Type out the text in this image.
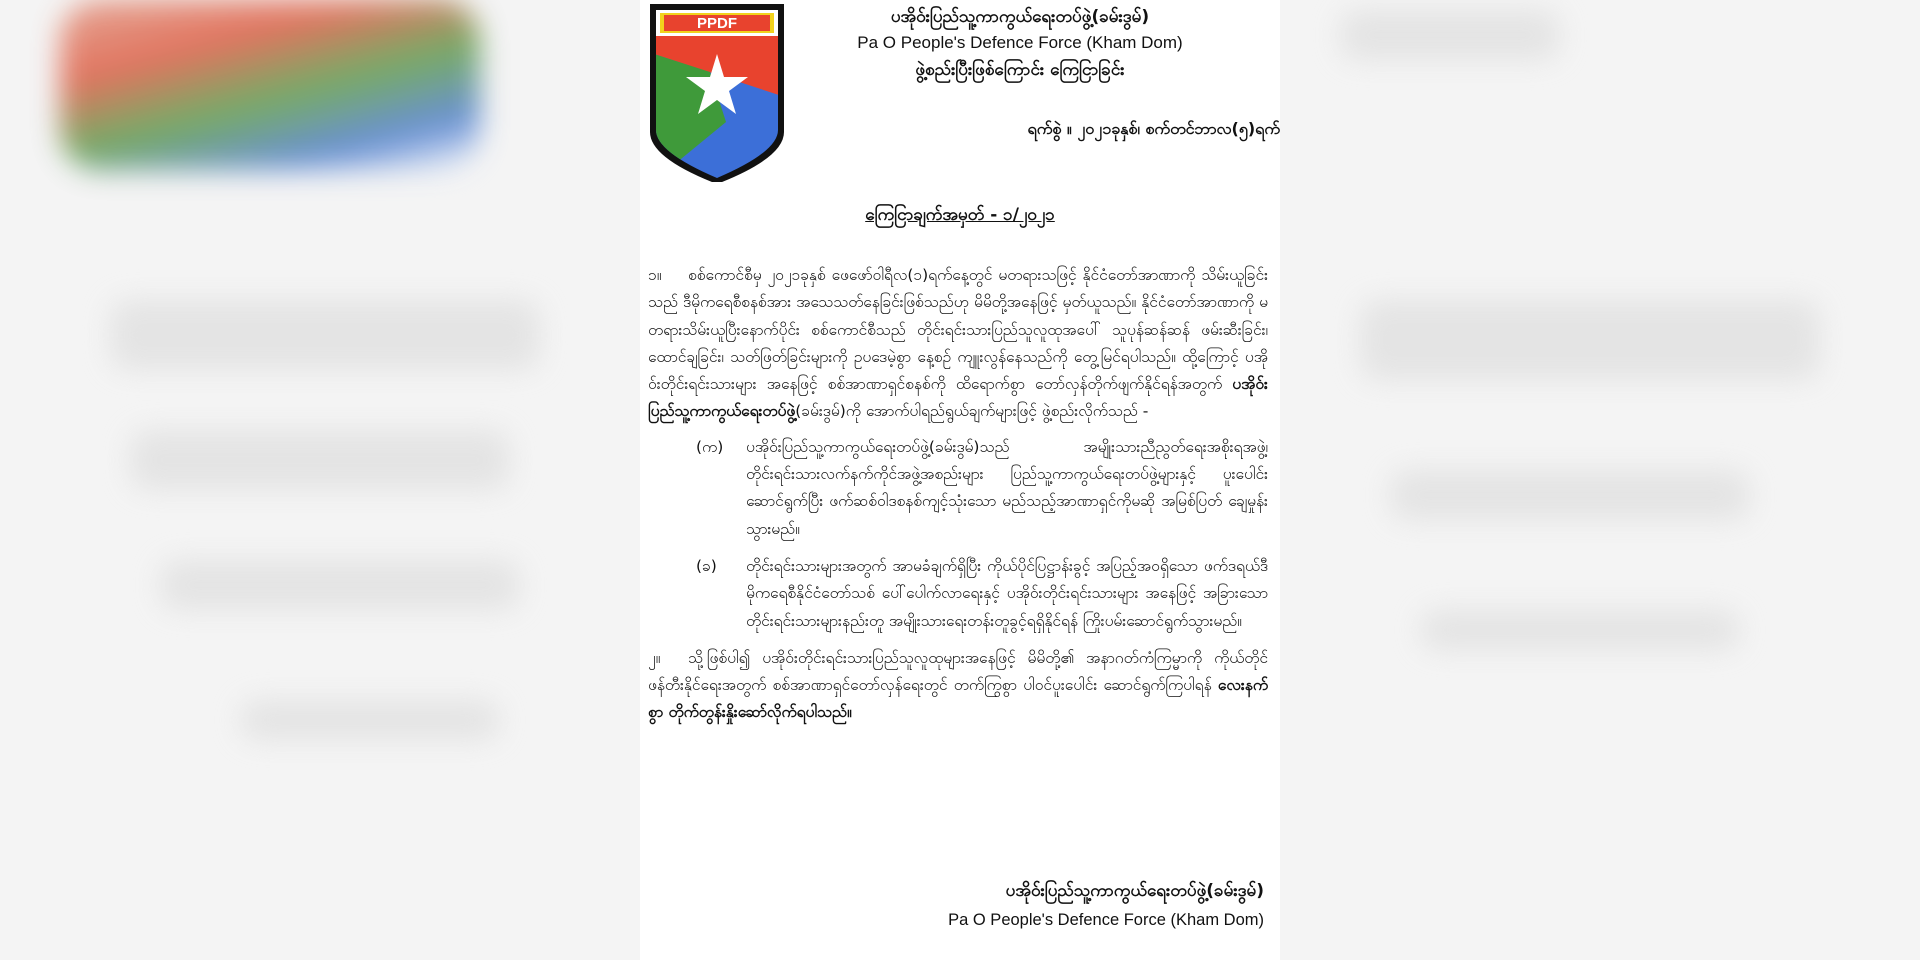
PPDF	ပအိုဝ်းပြည်သူ့ကာကွယ်ရေးတပ်ဖွဲ့(ခမ်းဒွမ်)
Pa O People's Defence Force (Kham Dom)
ဖွဲ့စည်းပြီးဖြစ်ကြောင်း ကြေငြာခြင်း
ရက်စွဲ ။ ၂၀၂၁ခုနှစ်၊ စက်တင်ဘာလ(၅)ရက်
ကြေငြာချက်အမှတ် - ၁/၂၀၂၁

၁။ စစ်ကောင်စီမှ ၂၀၂၁ခုနှစ် ဖေဖော်ဝါရီလ(၁)ရက်နေ့တွင် မတရားသဖြင့် နိုင်ငံတော်အာဏာကို သိမ်းယူခြင်းသည် ဒီမိုကရေစီစနစ်အား အသေသတ်နေခြင်းဖြစ်သည်ဟု မိမိတို့အနေဖြင့် မှတ်ယူသည်။ နိုင်ငံတော်အာဏာကို မတရားသိမ်းယူပြီးနောက်ပိုင်း စစ်ကောင်စီသည် တိုင်းရင်းသားပြည်သူလူထုအပေါ် သူပုန်ဆန်ဆန် ဖမ်းဆီးခြင်း၊ ထောင်ချခြင်း၊ သတ်ဖြတ်ခြင်းများကို ဥပဒေမဲ့စွာ နေ့စဉ် ကျူးလွန်နေသည်ကို တွေ့မြင်ရပါသည်။ ထို့ကြောင့် ပအိုဝ်းတိုင်းရင်းသားများ အနေဖြင့် စစ်အာဏာရှင်စနစ်ကို ထိရောက်စွာ တော်လှန်တိုက်ဖျက်နိုင်ရန်အတွက် ပအိုဝ်းပြည်သူ့ကာကွယ်ရေးတပ်ဖွဲ့(ခမ်းဒွမ်)ကို အောက်ပါရည်ရွယ်ချက်များဖြင့် ဖွဲ့စည်းလိုက်သည် -

(က) ပအိုဝ်းပြည်သူ့ကာကွယ်ရေးတပ်ဖွဲ့(ခမ်းဒွမ်)သည် အမျိုးသားညီညွတ်ရေးအစိုးရအဖွဲ့၊ တိုင်းရင်းသားလက်နက်ကိုင်အဖွဲ့အစည်းများ ပြည်သူ့ကာကွယ်ရေးတပ်ဖွဲ့များနှင့် ပူးပေါင်းဆောင်ရွက်ပြီး ဖက်ဆစ်ဝါဒစနစ်ကျင့်သုံးသော မည်သည့်အာဏာရှင်ကိုမဆို အမြစ်ပြတ် ချေမှုန်းသွားမည်။
(ခ) တိုင်းရင်းသားများအတွက် အာမခံချက်ရှိပြီး ကိုယ်ပိုင်ပြဋ္ဌာန်းခွင့် အပြည့်အဝရှိသော ဖက်ဒရယ်ဒီမိုကရေစီနိုင်ငံတော်သစ် ပေါ်ပေါက်လာရေးနှင့် ပအိုဝ်းတိုင်းရင်းသားများ အနေဖြင့် အခြားသောတိုင်းရင်းသားများနည်းတူ အမျိုးသားရေးတန်းတူခွင့်ရရှိနိုင်ရန် ကြိုးပမ်းဆောင်ရွက်သွားမည်။

၂။ သို့ဖြစ်ပါ၍ ပအိုဝ်းတိုင်းရင်းသားပြည်သူလူထုများအနေဖြင့် မိမိတို့၏ အနာဂတ်ကံကြမ္မာကို ကိုယ်တိုင်ဖန်တီးနိုင်ရေးအတွက် စစ်အာဏာရှင်တော်လှန်ရေးတွင် တက်ကြွစွာ ပါဝင်ပူးပေါင်း ဆောင်ရွက်ကြပါရန် လေးနက်စွာ တိုက်တွန်းနှိုးဆော်လိုက်ရပါသည်။

ပအိုဝ်းပြည်သူ့ကာကွယ်ရေးတပ်ဖွဲ့(ခမ်းဒွမ်)
Pa O People's Defence Force (Kham Dom)
